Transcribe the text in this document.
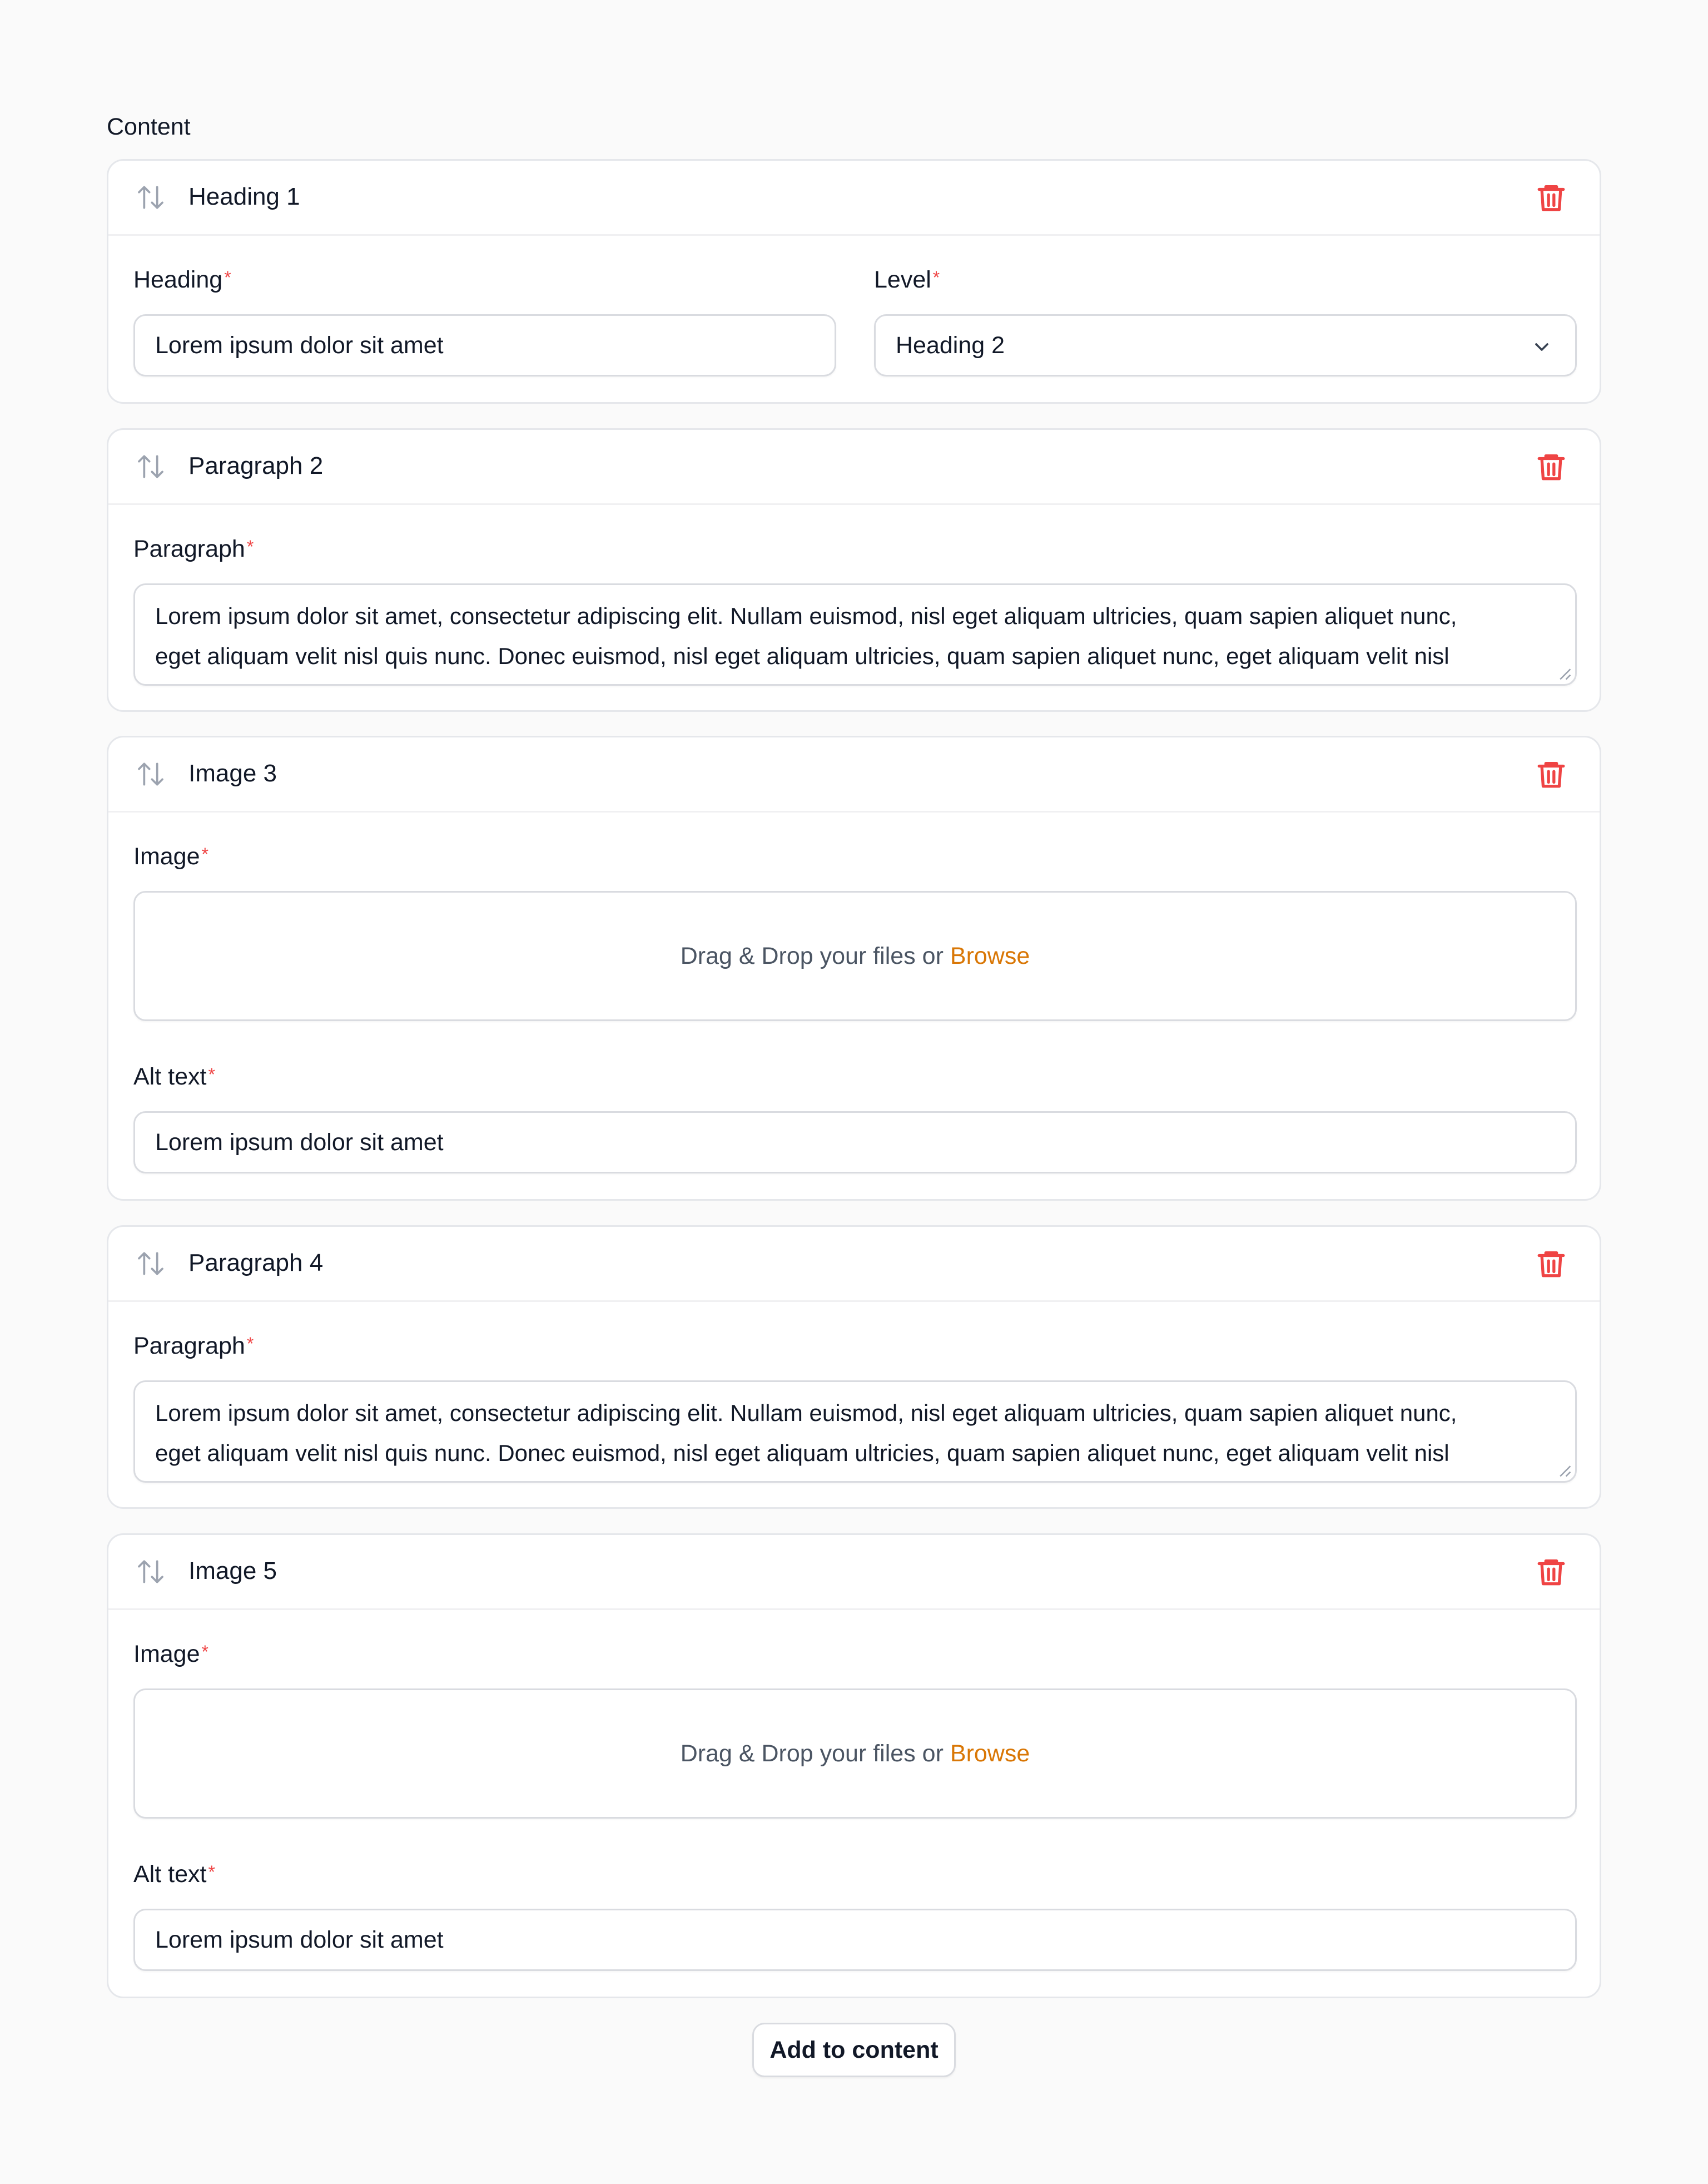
Content
Heading 1
Heading*
Lorem ipsum dolor sit amet
Level*
Heading 2
Paragraph 2
Paragraph*
Lorem ipsum dolor sit amet, consectetur adipiscing elit. Nullam euismod, nisl eget aliquam ultricies, quam sapien aliquet nunc,
eget aliquam velit nisl quis nunc. Donec euismod, nisl eget aliquam ultricies, quam sapien aliquet nunc, eget aliquam velit nisl
Image 3
Image*
Drag & Drop your files or Browse
Alt text*
Lorem ipsum dolor sit amet
Paragraph 4
Paragraph*
Lorem ipsum dolor sit amet, consectetur adipiscing elit. Nullam euismod, nisl eget aliquam ultricies, quam sapien aliquet nunc,
eget aliquam velit nisl quis nunc. Donec euismod, nisl eget aliquam ultricies, quam sapien aliquet nunc, eget aliquam velit nisl
Image 5
Image*
Drag & Drop your files or Browse
Alt text*
Lorem ipsum dolor sit amet
Add to content
